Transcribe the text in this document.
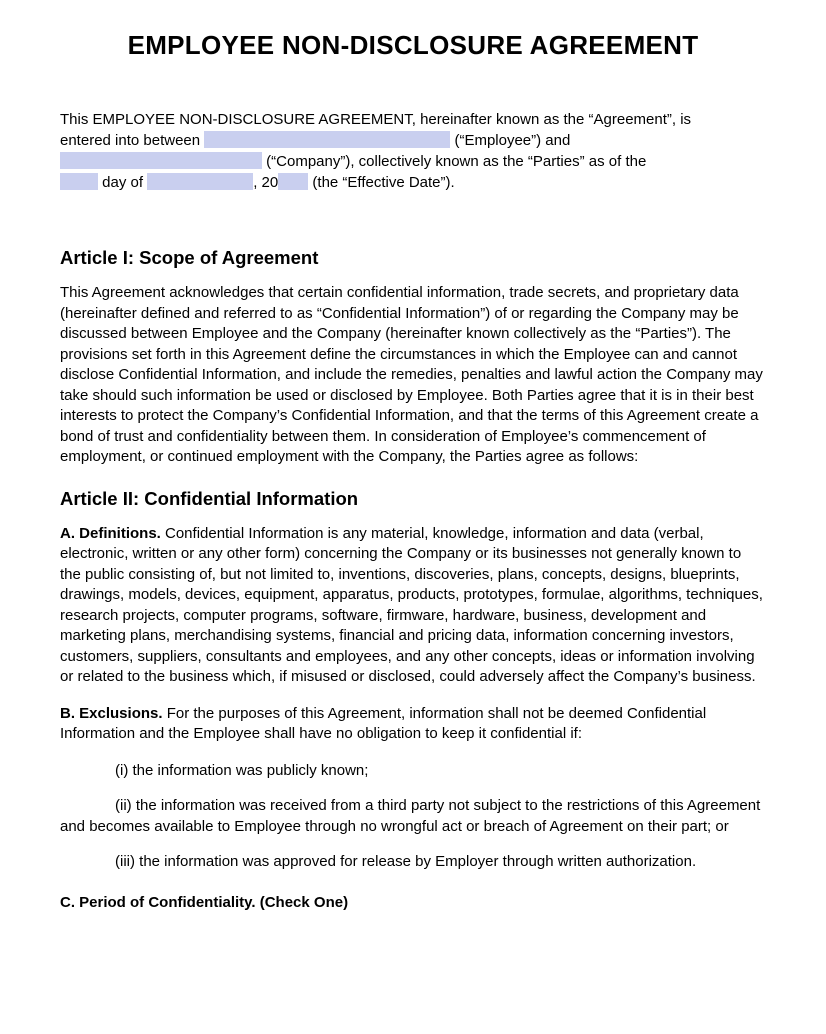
EMPLOYEE NON-DISCLOSURE AGREEMENT
This EMPLOYEE NON-DISCLOSURE AGREEMENT, hereinafter known as the “Agreement”, is
entered into between	(“Employee”) and
(“Company”), collectively known as the “Parties” as of the
day of	, 20 (the “Effective Date”).
Article I: Scope of Agreement

This Agreement acknowledges that certain confidential information, trade secrets, and proprietary data (hereinafter defined and referred to as “Confidential Information”) of or regarding the Company may be discussed between Employee and the Company (hereinafter known collectively as the “Parties”). The provisions set forth in this Agreement define the circumstances in which the Employee can and cannot disclose Confidential Information, and include the remedies, penalties and lawful action the Company may take should such information be used or disclosed by Employee. Both Parties agree that it is in their best interests to protect the Company’s Confidential Information, and that the terms of this Agreement create a bond of trust and confidentiality between them. In consideration of Employee’s commencement of employment, or continued employment with the Company, the Parties agree as follows:

Article II: Confidential Information

A. Definitions. Confidential Information is any material, knowledge, information and data (verbal, electronic, written or any other form) concerning the Company or its businesses not generally known to the public consisting of, but not limited to, inventions, discoveries, plans, concepts, designs, blueprints, drawings, models, devices, equipment, apparatus, products, prototypes, formulae, algorithms, techniques, research projects, computer programs, software, firmware, hardware, business, development and marketing plans, merchandising systems, financial and pricing data, information concerning investors, customers, suppliers, consultants and employees, and any other concepts, ideas or information involving or related to the business which, if misused or disclosed, could adversely affect the Company’s business.

B. Exclusions. For the purposes of this Agreement, information shall not be deemed Confidential Information and the Employee shall have no obligation to keep it confidential if:

(i) the information was publicly known;

(ii) the information was received from a third party not subject to the restrictions of this Agreement and becomes available to Employee through no wrongful act or breach of Agreement on their part; or

(iii) the information was approved for release by Employer through written authorization.

C. Period of Confidentiality. (Check One)
